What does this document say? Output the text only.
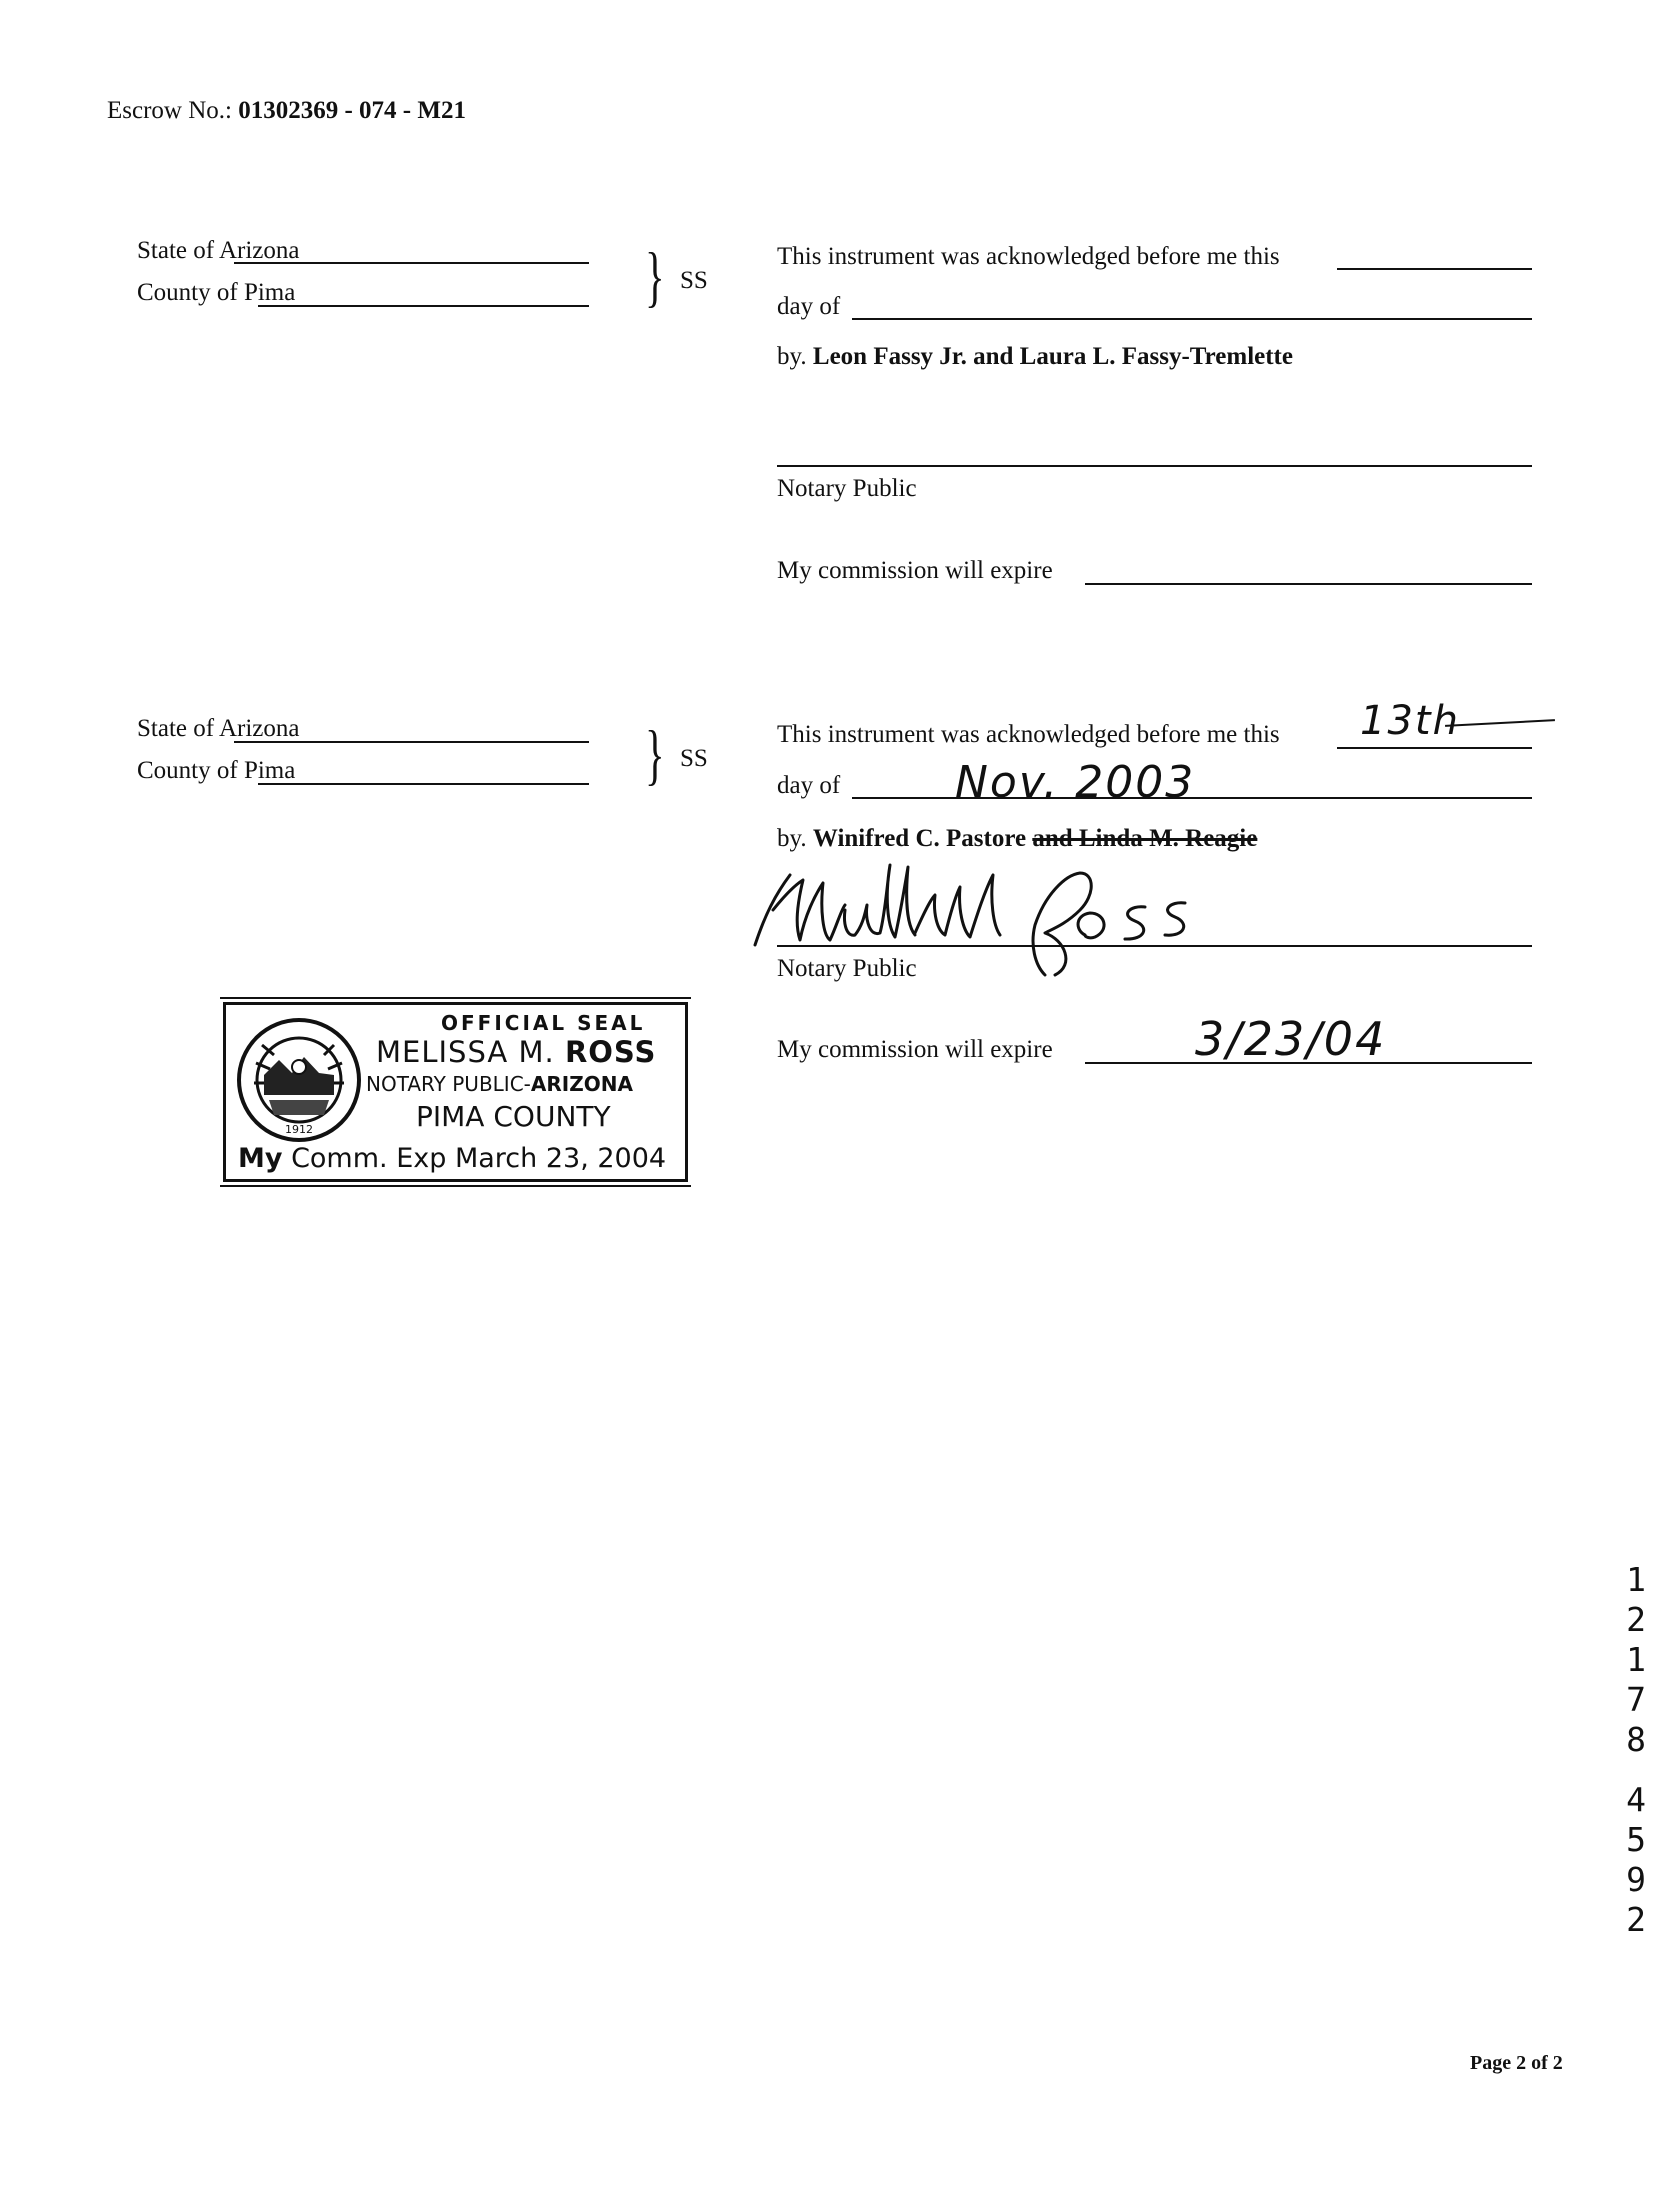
Escrow No.: 01302369 - 074 - M21
State of Arizona
County of Pima	} SS
This instrument was acknowledged before me this
day of
by. Leon Fassy Jr. and Laura L. Fassy-Tremlette
Notary Public
My commission will expire
State of Arizona
County of Pima	} SS
This instrument was acknowledged before me this 13th
day of	Nov. 2003
by. Winifred C. Pastore and Linda M. Reagie
Notary Public
My commission will expire	3/23/04
1912
OFFICIAL SEAL
MELISSA M. ROSS
NOTARY PUBLIC-ARIZONA
PIMA COUNTY
My Comm. Exp March 23, 2004
1
2
1
7
8
4
5
9
2
Page 2 of 2
